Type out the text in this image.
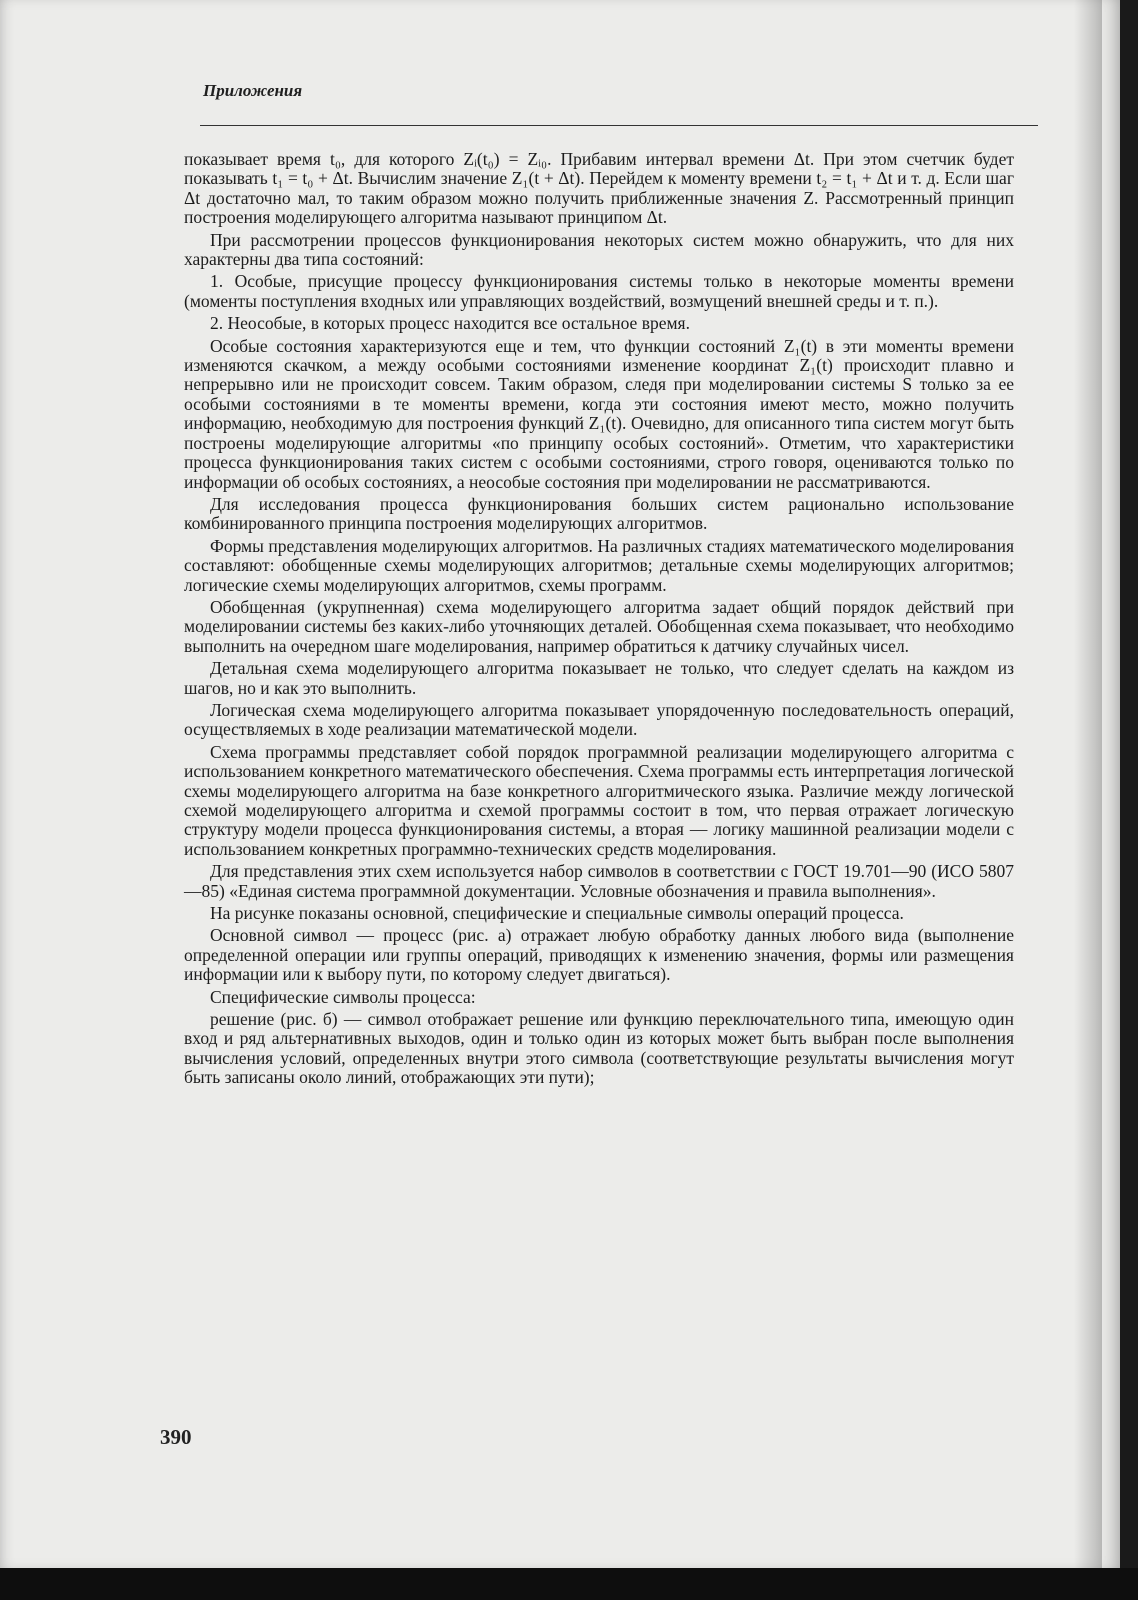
Приложения

показывает время t₀, для которого Zᵢ(t₀) = Zᵢ₀. Прибавим интервал времени Δt. При этом счетчик будет показывать t₁ = t₀ + Δt. Вычислим значение Z₁(t + Δt). Перейдем к моменту времени t₂ = t₁ + Δt и т. д. Если шаг Δt достаточно мал, то таким образом можно получить приближенные значения Z. Рассмотренный принцип построения моделирующего алгоритма называют принципом Δt.

При рассмотрении процессов функционирования некоторых систем можно обнаружить, что для них характерны два типа состояний:

1. Особые, присущие процессу функционирования системы только в некоторые моменты времени (моменты поступления входных или управляющих воздействий, возмущений внешней среды и т. п.).

2. Неособые, в которых процесс находится все остальное время.

Особые состояния характеризуются еще и тем, что функции состояний Z₁(t) в эти моменты времени изменяются скачком, а между особыми состояниями изменение координат Z₁(t) происходит плавно и непрерывно или не происходит совсем. Таким образом, следя при моделировании системы S только за ее особыми состояниями в те моменты времени, когда эти состояния имеют место, можно получить информацию, необходимую для построения функций Z₁(t). Очевидно, для описанного типа систем могут быть построены моделирующие алгоритмы «по принципу особых состояний». Отметим, что характеристики процесса функционирования таких систем с особыми состояниями, строго говоря, оцениваются только по информации об особых состояниях, а неособые состояния при моделировании не рассматриваются.

Для исследования процесса функционирования больших систем рационально использование комбинированного принципа построения моделирующих алгоритмов.

Формы представления моделирующих алгоритмов. На различных стадиях математического моделирования составляют: обобщенные схемы моделирующих алгоритмов; детальные схемы моделирующих алгоритмов; логические схемы моделирующих алгоритмов, схемы программ.

Обобщенная (укрупненная) схема моделирующего алгоритма задает общий порядок действий при моделировании системы без каких-либо уточняющих деталей. Обобщенная схема показывает, что необходимо выполнить на очередном шаге моделирования, например обратиться к датчику случайных чисел.

Детальная схема моделирующего алгоритма показывает не только, что следует сделать на каждом из шагов, но и как это выполнить.

Логическая схема моделирующего алгоритма показывает упорядоченную последовательность операций, осуществляемых в ходе реализации математической модели.

Схема программы представляет собой порядок программной реализации моделирующего алгоритма с использованием конкретного математического обеспечения. Схема программы есть интерпретация логической схемы моделирующего алгоритма на базе конкретного алгоритмического языка. Различие между логической схемой моделирующего алгоритма и схемой программы состоит в том, что первая отражает логическую структуру модели процесса функционирования системы, а вторая — логику машинной реализации модели с использованием конкретных программно-технических средств моделирования.

Для представления этих схем используется набор символов в соответствии с ГОСТ 19.701—90 (ИСО 5807—85) «Единая система программной документации. Условные обозначения и правила выполнения».

На рисунке показаны основной, специфические и специальные символы операций процесса.

Основной символ — процесс (рис. а) отражает любую обработку данных любого вида (выполнение определенной операции или группы операций, приводящих к изменению значения, формы или размещения информации или к выбору пути, по которому следует двигаться).

Специфические символы процесса:

решение (рис. б) — символ отображает решение или функцию переключательного типа, имеющую один вход и ряд альтернативных выходов, один и только один из которых может быть выбран после выполнения вычисления условий, определенных внутри этого символа (соответствующие результаты вычисления могут быть записаны около линий, отображающих эти пути);

390
